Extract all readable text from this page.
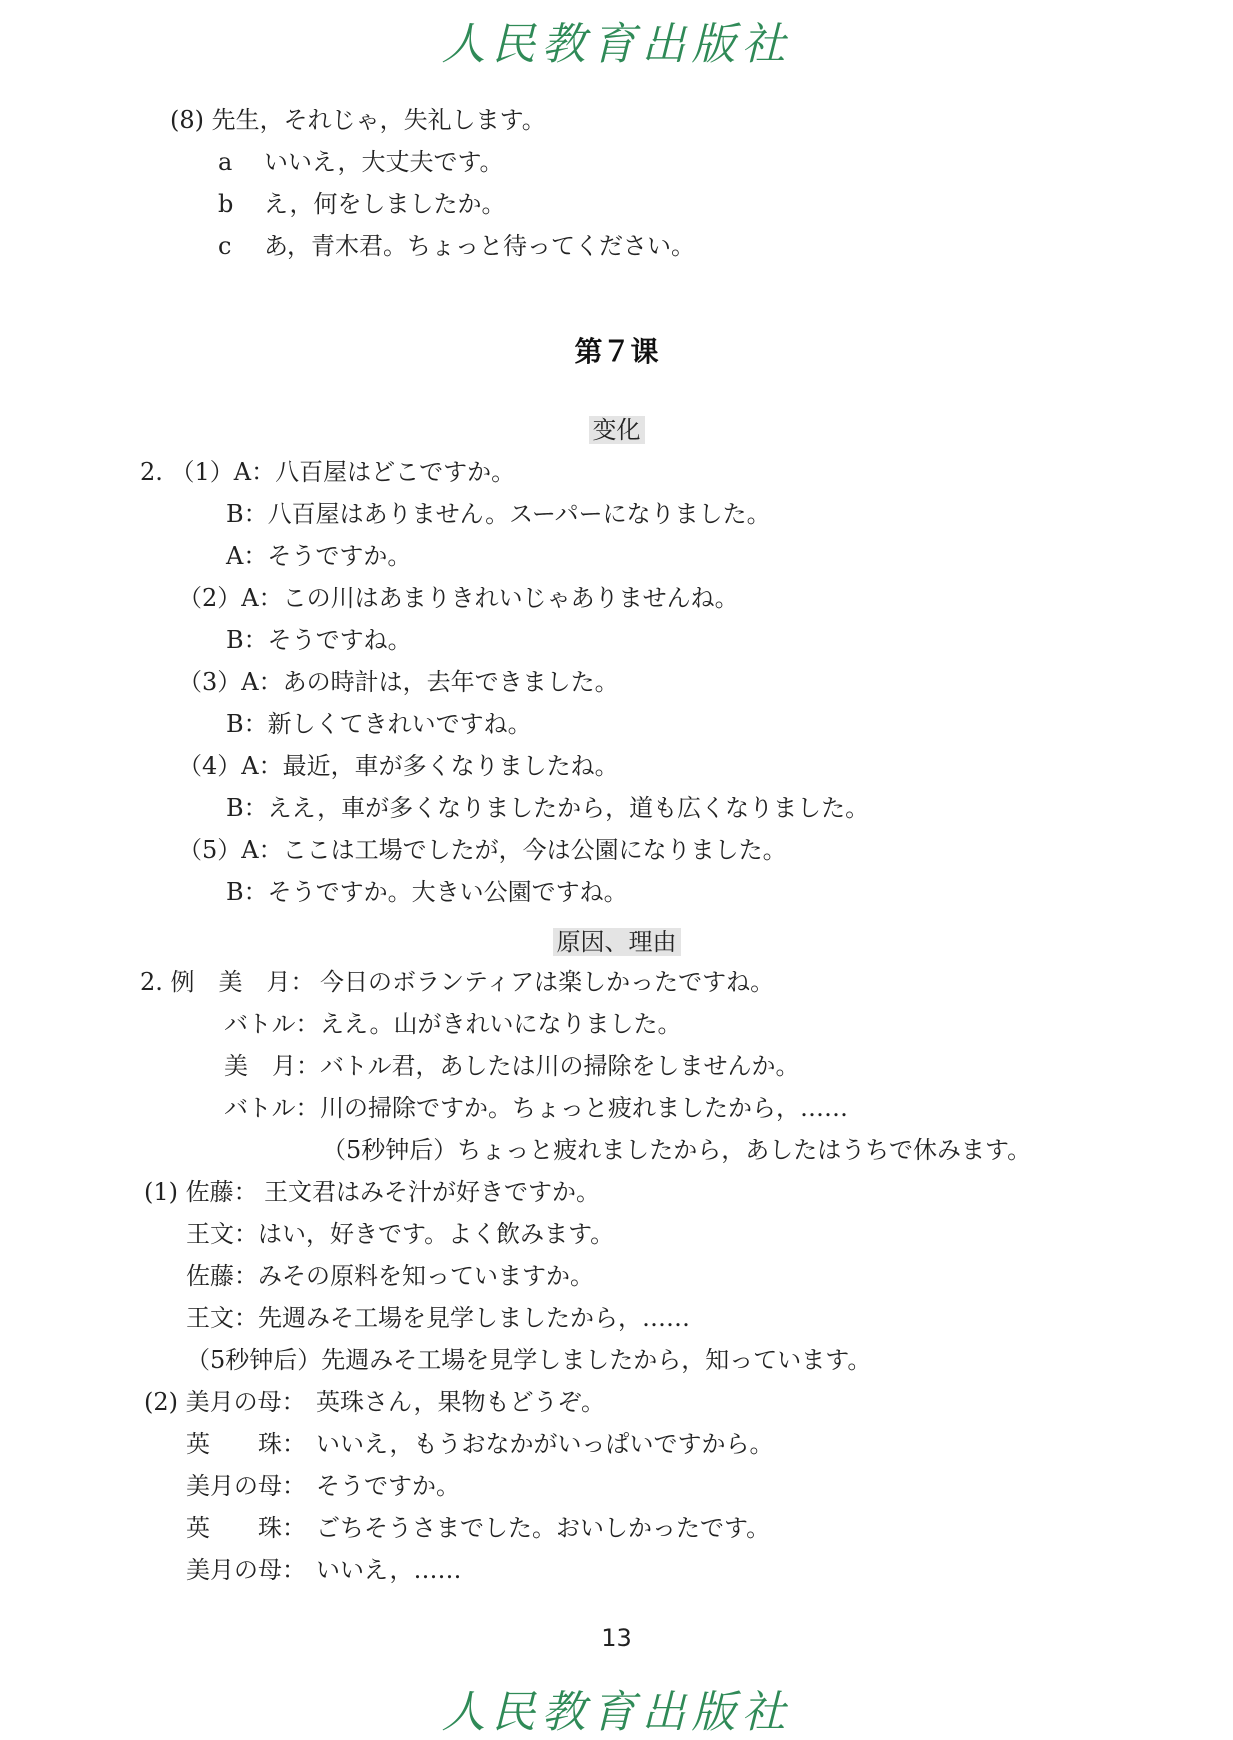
人民教育出版社
(8) 先生，それじゃ，失礼します。
a いいえ，大丈夫です。
b え，何をしましたか。
c あ，青木君。ちょっと待ってください。
第７课
变化
2. （1）A：八百屋はどこですか。
B：八百屋はありません。スーパーになりました。
A：そうですか。
（2）A：この川はあまりきれいじゃありませんね。
B：そうですね。
（3）A：あの時計は，去年できました。
B：新しくてきれいですね。
（4）A：最近，車が多くなりましたね。
B：ええ，車が多くなりましたから，道も広くなりました。
（5）A：ここは工場でしたが，今は公園になりました。
B：そうですか。大きい公園ですね。
原因、理由
2. 例　美　月： 今日のボランティアは楽しかったですね。
バトル：ええ。山がきれいになりました。
美　月：バトル君，あしたは川の掃除をしませんか。
バトル：川の掃除ですか。ちょっと疲れましたから，……
（5秒钟后）ちょっと疲れましたから，あしたはうちで休みます。
(1) 佐藤： 王文君はみそ汁が好きですか。
王文：はい，好きです。よく飲みます。
佐藤：みその原料を知っていますか。
王文：先週みそ工場を見学しましたから，……
（5秒钟后）先週みそ工場を見学しましたから，知っています。
(2) 美月の母： 英珠さん，果物もどうぞ。
英　　珠： いいえ，もうおなかがいっぱいですから。
美月の母： そうですか。
英　　珠： ごちそうさまでした。おいしかったです。
美月の母： いいえ，……
13
人民教育出版社
